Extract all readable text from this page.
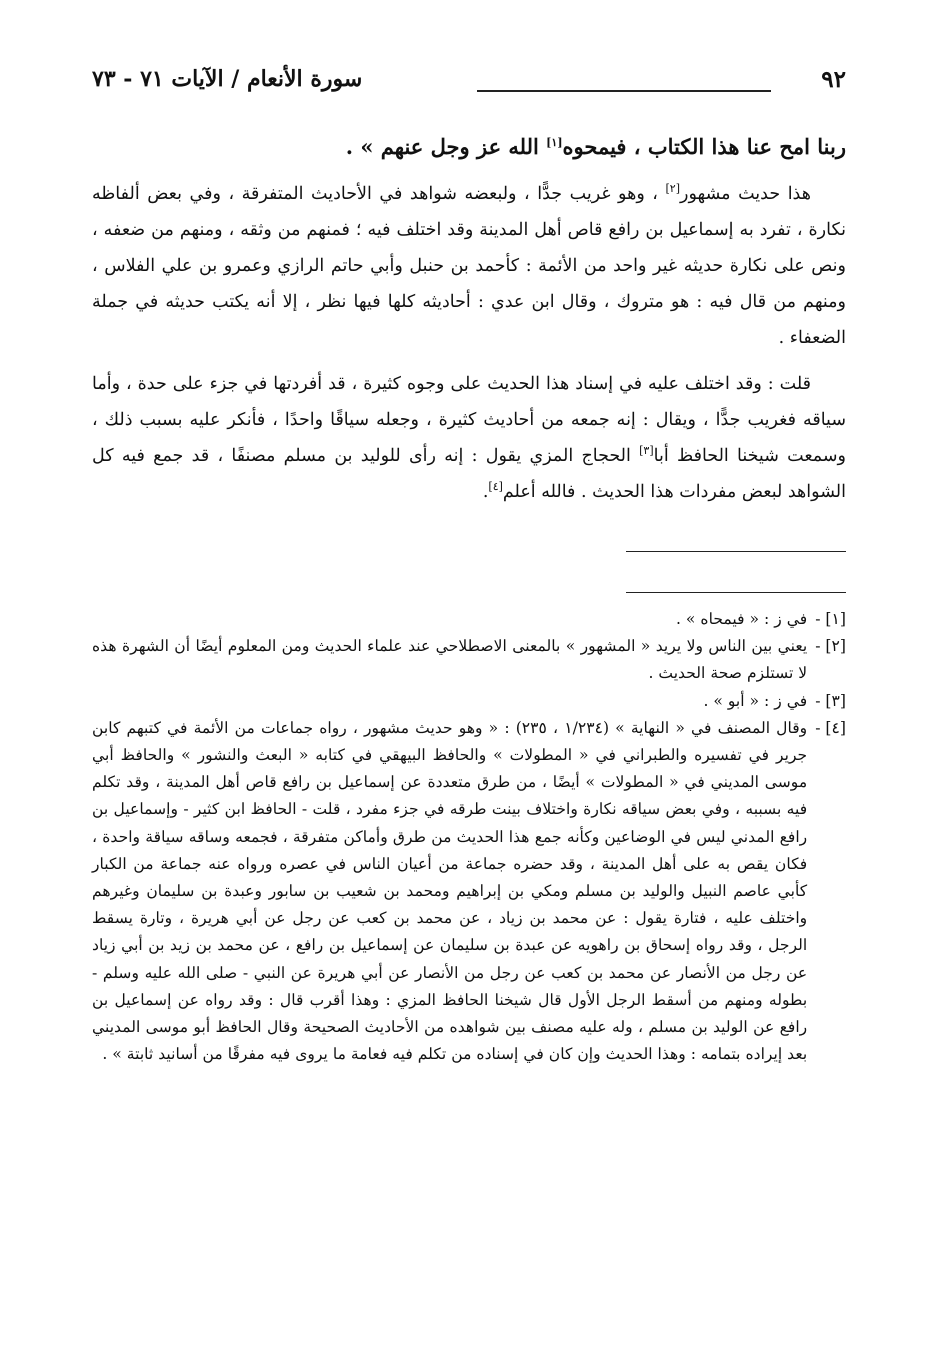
٩٢
سورة الأنعام / الآيات ٧١ - ٧٣
ربنا امح عنا هذا الكتاب ، فيمحوه[١] الله عز وجل عنهم » .

  هذا حديث مشهور[٢] ، وهو غريب جدًّا ، ولبعضه شواهد في الأحاديث المتفرقة ، وفي بعض ألفاظه نكارة ، تفرد به إسماعيل بن رافع قاص أهل المدينة وقد اختلف فيه ؛ فمنهم من وثقه ، ومنهم من ضعفه ، ونص على نكارة حديثه غير واحد من الأئمة : كأحمد بن حنبل وأبي حاتم الرازي وعمرو بن علي الفلاس ، ومنهم من قال فيه : هو متروك ، وقال ابن عدي : أحاديثه كلها فيها نظر ، إلا أنه يكتب حديثه في جملة الضعفاء .

  قلت : وقد اختلف عليه في إسناد هذا الحديث على وجوه كثيرة ، قد أفردتها في جزء على حدة ، وأما سياقه فغريب جدًّا ، ويقال : إنه جمعه من أحاديث كثيرة ، وجعله سياقًا واحدًا ، فأنكر عليه بسبب ذلك ، وسمعت شيخنا الحافظ أبا[٣] الحجاج المزي يقول : إنه رأى للوليد بن مسلم مصنفًا ، قد جمع فيه كل الشواهد لبعض مفردات هذا الحديث . فالله أعلم[٤].

[١] -
في ز : « فيمحاه » .
[٢] -
يعني بين الناس ولا يريد « المشهور » بالمعنى الاصطلاحي عند علماء الحديث ومن المعلوم أيضًا أن الشهرة هذه لا تستلزم صحة الحديث .
[٣] -
في ز : « أبو » .
[٤] -
وقال المصنف في « النهاية » (١/٢٣٤ ، ٢٣٥) : « وهو حديث مشهور ، رواه جماعات من الأئمة في كتبهم كابن جرير في تفسيره والطبراني في « المطولات » والحافظ البيهقي في كتابه « البعث والنشور » والحافظ أبي موسى المديني في « المطولات » أيضًا ، من طرق متعددة عن إسماعيل بن رافع قاص أهل المدينة ، وقد تكلم فيه بسببه ، وفي بعض سياقه نكارة واختلاف بينت طرقه في جزء مفرد ، قلت - الحافظ ابن كثير - وإسماعيل بن رافع المدني ليس في الوضاعين وكأنه جمع هذا الحديث من طرق وأماكن متفرقة ، فجمعه وساقه سياقة واحدة ، فكان يقص به على أهل المدينة ، وقد حضره جماعة من أعيان الناس في عصره ورواه عنه جماعة من الكبار كأبي عاصم النبيل والوليد بن مسلم ومكي بن إبراهيم ومحمد بن شعيب بن سابور وعبدة بن سليمان وغيرهم واختلف عليه ، فتارة يقول : عن محمد بن زياد ، عن محمد بن كعب عن رجل عن أبي هريرة ، وتارة يسقط الرجل ، وقد رواه إسحاق بن راهويه عن عبدة بن سليمان عن إسماعيل بن رافع ، عن محمد بن زيد بن أبي زياد عن رجل من الأنصار عن محمد بن كعب عن رجل من الأنصار عن أبي هريرة عن النبي - صلى الله عليه وسلم - بطوله ومنهم من أسقط الرجل الأول قال شيخنا الحافظ المزي : وهذا أقرب قال : وقد رواه عن إسماعيل بن رافع عن الوليد بن مسلم ، وله عليه مصنف بين شواهده من الأحاديث الصحيحة وقال الحافظ أبو موسى المديني بعد إيراده بتمامه : وهذا الحديث وإن كان في إسناده من تكلم فيه فعامة ما يروى فيه مفرقًا من أسانيد ثابتة » .
